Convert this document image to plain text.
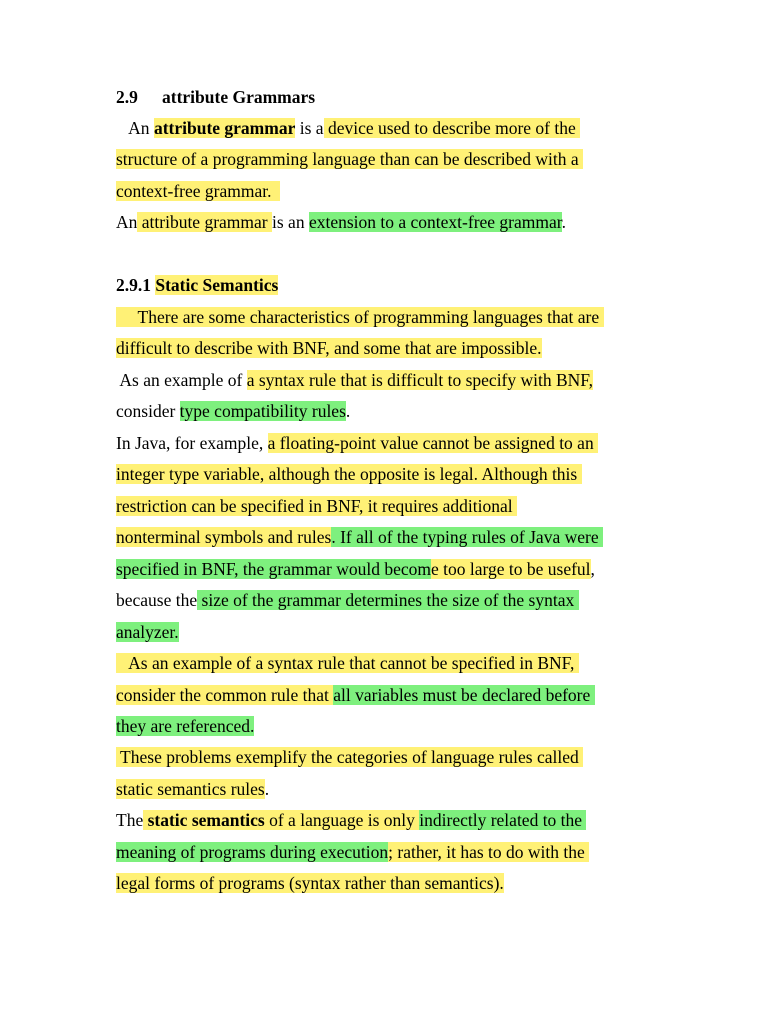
2.9 attribute Grammars
An attribute grammar is a device used to describe more of the
structure of a programming language than can be described with a
context-free grammar.
An attribute grammar is an extension to a context-free grammar.
2.9.1 Static Semantics
There are some characteristics of programming languages that are
difficult to describe with BNF, and some that are impossible.
As an example of a syntax rule that is difficult to specify with BNF,
consider type compatibility rules.
In Java, for example, a floating-point value cannot be assigned to an
integer type variable, although the opposite is legal. Although this
restriction can be specified in BNF, it requires additional
nonterminal symbols and rules. If all of the typing rules of Java were
specified in BNF, the grammar would become too large to be useful,
because the size of the grammar determines the size of the syntax
analyzer.
As an example of a syntax rule that cannot be specified in BNF,
consider the common rule that all variables must be declared before
they are referenced.
These problems exemplify the categories of language rules called
static semantics rules.
The static semantics of a language is only indirectly related to the
meaning of programs during execution; rather, it has to do with the
legal forms of programs (syntax rather than semantics).
